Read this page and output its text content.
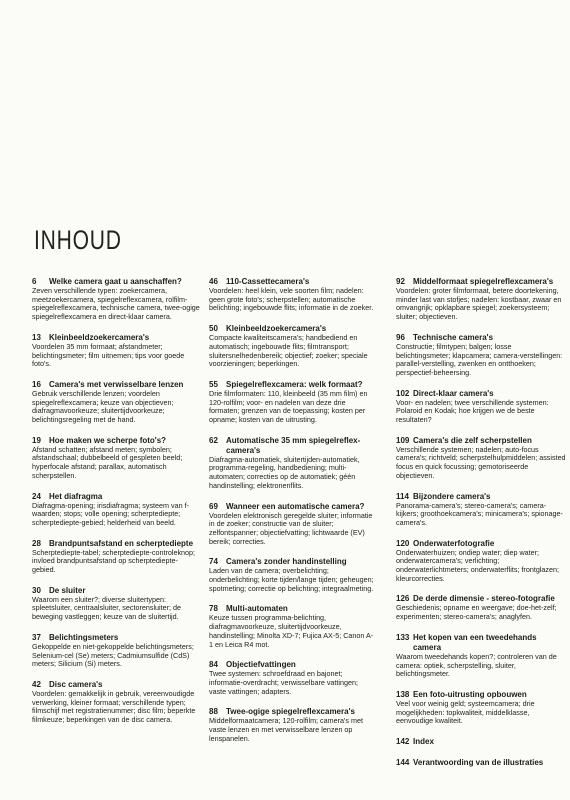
INHOUD
6	Welke camera gaat u aanschaffen?
Zeven verschillende typen: zoekercamera, meetzoekercamera, spiegelreflexcamera, rolfilm-spiegelreflexcamera, technische camera, twee-ogige spiegelreflexcamera en direct-klaar camera.
13	Kleinbeeldzoekercamera's
Voordelen 35 mm formaat; afstandmeter; belichtingsmeter; film uitnemen; tips voor goede foto's.
16	Camera's met verwisselbare lenzen
Gebruik verschillende lenzen; voordelen spiegelreflexcamera; keuze van objectieven; diafragmavoorkeuze; sluitertijdvoorkeuze; belichtingsregeling met de hand.
19	Hoe maken we scherpe foto's?
Afstand schatten; afstand meten; symbolen; afstandschaal; dubbelbeeld of gespleten beeld; hyperfocale afstand; parallax, automatisch scherpstellen.
24	Het diafragma
Diafragma-opening; irisdiafragma; systeem van f-waarden; stops; volle opening; scherptediepte; scherptediepte-gebied; helderheid van beeld.
28	Brandpuntsafstand en scherptediepte
Scherptediepte-tabel; scherptediepte-controleknop; invloed brandpuntsafstand op scherptediepte-gebied.
30	De sluiter
Waarom een sluiter?; diverse sluitertypen: spleetsluiter, centraalsluiter, sectorensluiter; de beweging vastleggen; keuze van de sluitertijd.
37	Belichtingsmeters
Gekoppelde en niet-gekoppelde belichtingsmeters; Selenium-cel (Se) meters; Cadmiumsulfide (CdS) meters; Silicium (Si) meters.
42	Disc camera's
Voordelen: gemakkelijk in gebruik, vereenvoudigde verwerking, kleiner formaat; verschillende typen; filmschijf met registratienummer; disc film; beperkte filmkeuze; beperkingen van de disc camera.
46	110-Cassettecamera's
Voordelen: heel klein, vele soorten film; nadelen: geen grote foto's; scherpstellen; automatische belichting; ingebouwde flits; informatie in de zoeker.
50	Kleinbeeldzoekercamera's
Compacte kwaliteitscamera's; handbediend en automatisch; ingebouwde flits; filmtransport; sluitersnelhedenbereik; objectief; zoeker; speciale voorzieningen; beperkingen.
55	Spiegelreflexcamera: welk formaat?
Drie filmformaten: 110, kleinbeeld (35 mm film) en 120-rolfilm; voor- en nadelen van deze drie formaten; grenzen van de toepassing; kosten per opname; kosten van de uitrusting.
62	Automatische 35 mm spiegelreflex-camera's
Diafragma-automatiek, sluitertijden-automatiek, programma-regeling, handbediening; multi-automaten; correcties op de automatiek; géén handinstelling; elektronenflits.
69	Wanneer een automatische camera?
Voordelen elektronisch geregelde sluiter; informatie in de zoeker; constructie van de sluiter; zelfontspanner; objectiefvatting; lichtwaarde (EV) bereik; correcties.
74	Camera's zonder handinstelling
Laden van de camera; overbelichting; onderbelichting; korte tijden/lange tijden; geheugen; spotmeting; correctie op belichting; integraalmeting.
78	Multi-automaten
Keuze tussen programma-belichting, diafragmavoorkeuze, sluitertijdvoorkeuze, handinstelling; Minolta XD-7; Fujica AX-5; Canon A-1 en Leica R4 mot.
84	Objectiefvattingen
Twee systemen: schroefdraad en bajonet; informatie-overdracht; verwisselbare vattingen; vaste vattingen; adapters.
88	Twee-ogige spiegelreflexcamera's
Middelformaatcamera; 120-rolfilm; camera's met vaste lenzen en met verwisselbare lenzen op lenspanelen.
92	Middelformaat spiegelreflexcamera's
Voordelen: groter filmformaat, betere doortekening, minder last van stofjes; nadelen: kostbaar, zwaar en omvangrijk; opklapbare spiegel; zoekersysteem; sluiter; objectieven.
96	Technische camera's
Constructie; filmtypen; balgen; losse belichtingsmeter; klapcamera; camera-verstellingen: parallel-verstelling, zwenken en ontthoeken; perspectief-beheersing.
102 Direct-klaar camera's
Voor- en nadelen; twee verschillende systemen: Polaroid en Kodak; hoe krijgen we de beste resultaten?
109 Camera's die zelf scherpstellen
Verschillende systemen; nadelen; auto-focus camera's; richtveld; scherpstelhulpmiddelen; assisted focus en quick focussing; gemotoriseerde objectieven.
114 Bijzondere camera's
Panorama-camera's; stereo-camera's; camera-kijkers; groothoekcamera's; minicamera's; spionage-camera's.
120 Onderwaterfotografie
Onderwaterhuizen; ondiep water; diep water; onderwatercamera's; verlichting; onderwaterlichtmeters; onderwaterflits; frontglazen; kleurcorrecties.
126 De derde dimensie - stereo-fotografie
Geschiedenis; opname en weergave; doe-het-zelf; experimenten; stereo-camera's; anaglyfen.
133 Het kopen van een tweedehands camera
Waarom tweedehands kopen?; controleren van de camera: optiek, scherpstelling, sluiter, belichtingsmeter.
138 Een foto-uitrusting opbouwen
Veel voor weinig geld; systeemcamera; drie mogelijkheden: topkwaliteit, middelklasse, eenvoudige kwaliteit.
142 Index
144 Verantwoording van de illustraties
